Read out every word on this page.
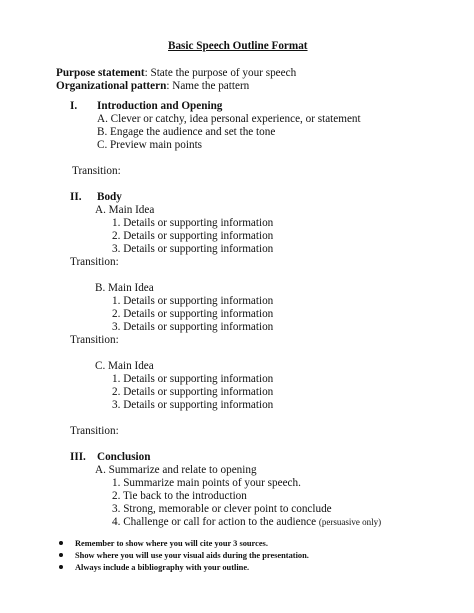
Basic Speech Outline Format
Purpose statement: State the purpose of your speech
Organizational pattern: Name the pattern
I. Introduction and Opening
A. Clever or catchy, idea personal experience, or statement
B. Engage the audience and set the tone
C. Preview main points
Transition:
II. Body
A. Main Idea
1. Details or supporting information
2. Details or supporting information
3. Details or supporting information
Transition:
B. Main Idea
1. Details or supporting information
2. Details or supporting information
3. Details or supporting information
Transition:
C. Main Idea
1. Details or supporting information
2. Details or supporting information
3. Details or supporting information
Transition:
III. Conclusion
A. Summarize and relate to opening
1. Summarize main points of your speech.
2. Tie back to the introduction
3. Strong, memorable or clever point to conclude
4. Challenge or call for action to the audience (persuasive only)
Remember to show where you will cite your 3 sources.
Show where you will use your visual aids during the presentation.
Always include a bibliography with your outline.
